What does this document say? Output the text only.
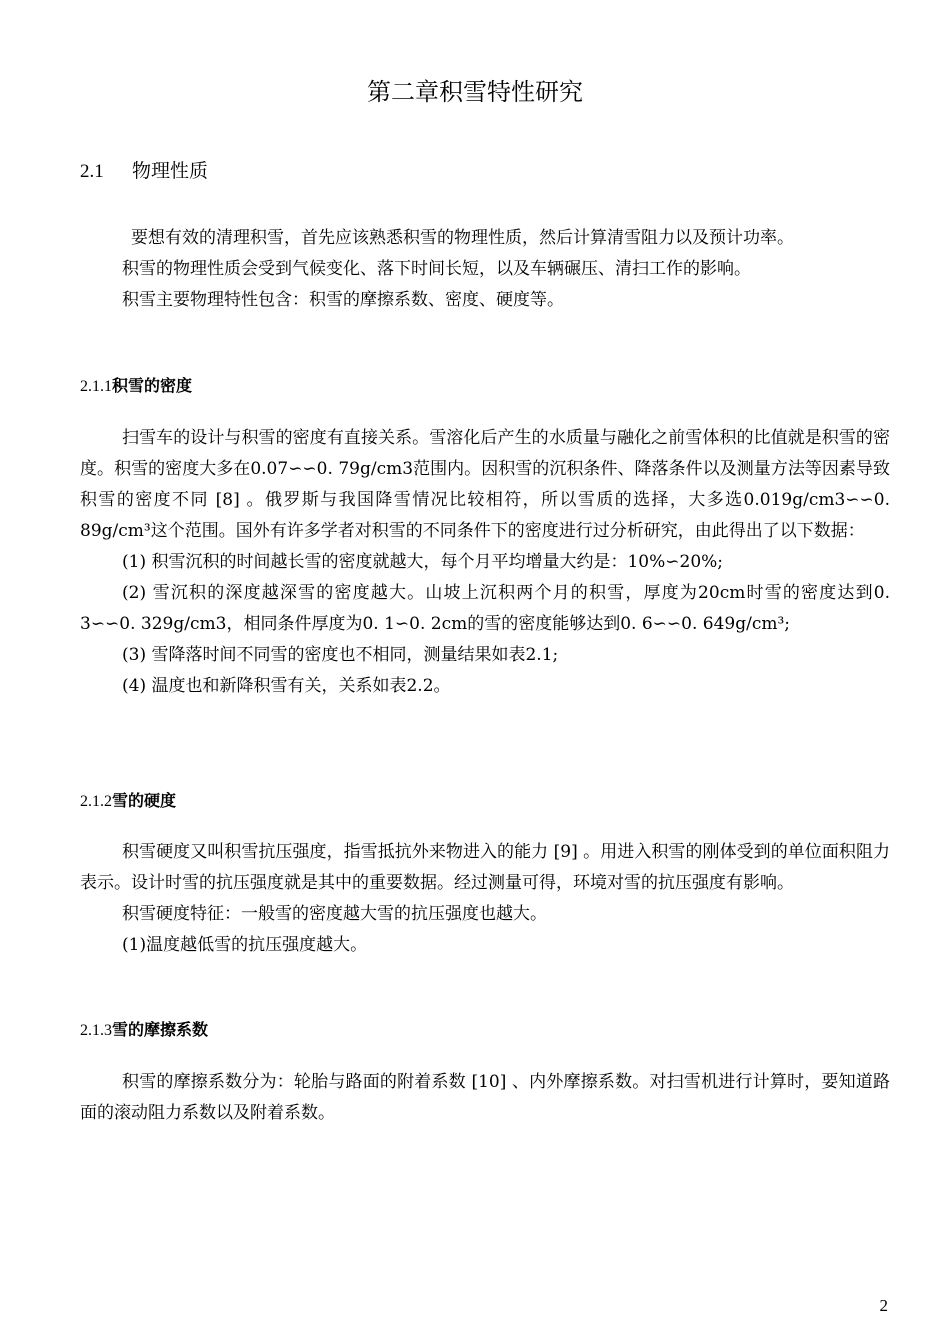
第二章积雪特性研究
2.1 物理性质

要想有效的清理积雪，首先应该熟悉积雪的物理性质，然后计算清雪阻力以及预计功率。

积雪的物理性质会受到气候变化、落下时间长短，以及车辆碾压、清扫工作的影响。

积雪主要物理特性包含：积雪的摩擦系数、密度、硬度等。

2.1.1积雪的密度

扫雪车的设计与积雪的密度有直接关系。雪溶化后产生的水质量与融化之前雪体积的比值就是积雪的密度。积雪的密度大多在0.07∽∽0. 79g/cm3范围内。因积雪的沉积条件、降落条件以及测量方法等因素导致积雪的密度不同 [8] 。俄罗斯与我国降雪情况比较相符，所以雪质的选择，大多选0.019g/cm3∽∽0. 89g/cm³这个范围。国外有许多学者对积雪的不同条件下的密度进行过分析研究，由此得出了以下数据：

(1) 积雪沉积的时间越长雪的密度就越大，每个月平均增量大约是：10%∽20%;

(2) 雪沉积的深度越深雪的密度越大。山坡上沉积两个月的积雪，厚度为20cm时雪的密度达到0. 3∽∽0. 329g/cm3，相同条件厚度为0. 1∽0. 2cm的雪的密度能够达到0. 6∽∽0. 649g/cm³;

(3) 雪降落时间不同雪的密度也不相同，测量结果如表2.1;

(4) 温度也和新降积雪有关，关系如表2.2。

2.1.2雪的硬度

积雪硬度又叫积雪抗压强度，指雪抵抗外来物进入的能力 [9] 。用进入积雪的刚体受到的单位面积阻力表示。设计时雪的抗压强度就是其中的重要数据。经过测量可得，环境对雪的抗压强度有影响。

积雪硬度特征：一般雪的密度越大雪的抗压强度也越大。

(1)温度越低雪的抗压强度越大。

2.1.3雪的摩擦系数

积雪的摩擦系数分为：轮胎与路面的附着系数 [10] 、内外摩擦系数。对扫雪机进行计算时，要知道路面的滚动阻力系数以及附着系数。

2
